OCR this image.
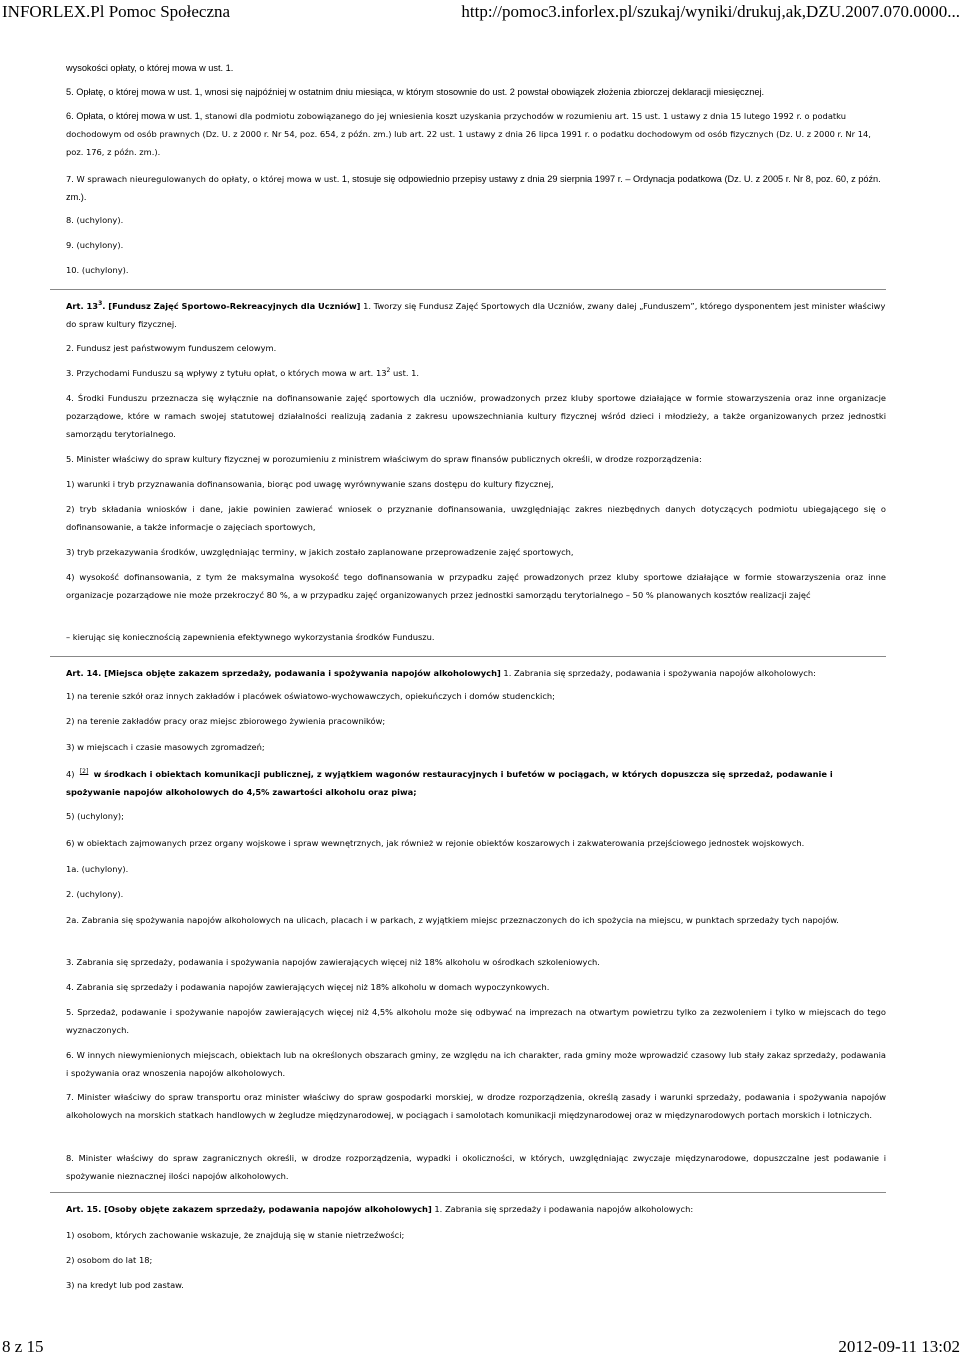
INFORLEX.Pl Pomoc Społeczna	http://pomoc3.inforlex.pl/szukaj/wyniki/drukuj,ak,DZU.2007.070.0000...

wysokości opłaty, o której mowa w ust. 1.

5. Opłatę, o której mowa w ust. 1, wnosi się najpóźniej w ostatnim dniu miesiąca, w którym stosownie do ust. 2 powstał obowiązek złożenia zbiorczej deklaracji miesięcznej.

6. Opłata, o której mowa w ust. 1, stanowi dla podmiotu zobowiązanego do jej wniesienia koszt uzyskania przychodów w rozumieniu art. 15 ust. 1 ustawy z dnia 15 lutego 1992 r. o podatku dochodowym od osób prawnych (Dz. U. z 2000 r. Nr 54, poz. 654, z późn. zm.) lub art. 22 ust. 1 ustawy z dnia 26 lipca 1991 r. o podatku dochodowym od osób fizycznych (Dz. U. z 2000 r. Nr 14, poz. 176, z późn. zm.).

7. W sprawach nieuregulowanych do opłaty, o której mowa w ust. 1, stosuje się odpowiednio przepisy ustawy z dnia 29 sierpnia 1997 r. – Ordynacja podatkowa (Dz. U. z 2005 r. Nr 8, poz. 60, z późn. zm.).

8. (uchylony).

9. (uchylony).

10. (uchylony).

Art. $13^3$. [Fundusz Zajęć Sportowo-Rekreacyjnych dla Uczniów] 1. Tworzy się Fundusz Zajęć Sportowych dla Uczniów, zwany dalej „Funduszem”, którego dysponentem jest minister właściwy do spraw kultury fizycznej.

2. Fundusz jest państwowym funduszem celowym.

3. Przychodami Funduszu są wpływy z tytułu opłat, o których mowa w art. $13^2$ ust. 1.

4. Środki Funduszu przeznacza się wyłącznie na dofinansowanie zajęć sportowych dla uczniów, prowadzonych przez kluby sportowe działające w formie stowarzyszenia oraz inne organizacje pozarządowe, które w ramach swojej statutowej działalności realizują zadania z zakresu upowszechniania kultury fizycznej wśród dzieci i młodzieży, a także organizowanych przez jednostki samorządu terytorialnego.

5. Minister właściwy do spraw kultury fizycznej w porozumieniu z ministrem właściwym do spraw finansów publicznych określi, w drodze rozporządzenia:

1) warunki i tryb przyznawania dofinansowania, biorąc pod uwagę wyrównywanie szans dostępu do kultury fizycznej,

2) tryb składania wniosków i dane, jakie powinien zawierać wniosek o przyznanie dofinansowania, uwzględniając zakres niezbędnych danych dotyczących podmiotu ubiegającego się o dofinansowanie, a także informacje o zajęciach sportowych,

3) tryb przekazywania środków, uwzględniając terminy, w jakich zostało zaplanowane przeprowadzenie zajęć sportowych,

4) wysokość dofinansowania, z tym że maksymalna wysokość tego dofinansowania w przypadku zajęć prowadzonych przez kluby sportowe działające w formie stowarzyszenia oraz inne organizacje pozarządowe nie może przekroczyć 80 %, a w przypadku zajęć organizowanych przez jednostki samorządu terytorialnego – 50 % planowanych kosztów realizacji zajęć

– kierując się koniecznością zapewnienia efektywnego wykorzystania środków Funduszu.

Art. 14. [Miejsca objęte zakazem sprzedaży, podawania i spożywania napojów alkoholowych] 1. Zabrania się sprzedaży, podawania i spożywania napojów alkoholowych:

1) na terenie szkół oraz innych zakładów i placówek oświatowo-wychowawczych, opiekuńczych i domów studenckich;

2) na terenie zakładów pracy oraz miejsc zbiorowego żywienia pracowników;

3) w miejscach i czasie masowych zgromadzeń;

4) [2] w środkach i obiektach komunikacji publicznej, z wyjątkiem wagonów restauracyjnych i bufetów w pociągach, w których dopuszcza się sprzedaż, podawanie i spożywanie napojów alkoholowych do 4,5% zawartości alkoholu oraz piwa;

5) (uchylony);

6) w obiektach zajmowanych przez organy wojskowe i spraw wewnętrznych, jak również w rejonie obiektów koszarowych i zakwaterowania przejściowego jednostek wojskowych.

1a. (uchylony).

2. (uchylony).

2a. Zabrania się spożywania napojów alkoholowych na ulicach, placach i w parkach, z wyjątkiem miejsc przeznaczonych do ich spożycia na miejscu, w punktach sprzedaży tych napojów.

3. Zabrania się sprzedaży, podawania i spożywania napojów zawierających więcej niż 18% alkoholu w ośrodkach szkoleniowych.

4. Zabrania się sprzedaży i podawania napojów zawierających więcej niż 18% alkoholu w domach wypoczynkowych.

5. Sprzedaż, podawanie i spożywanie napojów zawierających więcej niż 4,5% alkoholu może się odbywać na imprezach na otwartym powietrzu tylko za zezwoleniem i tylko w miejscach do tego wyznaczonych.

6. W innych niewymienionych miejscach, obiektach lub na określonych obszarach gminy, ze względu na ich charakter, rada gminy może wprowadzić czasowy lub stały zakaz sprzedaży, podawania i spożywania oraz wnoszenia napojów alkoholowych.

7. Minister właściwy do spraw transportu oraz minister właściwy do spraw gospodarki morskiej, w drodze rozporządzenia, określą zasady i warunki sprzedaży, podawania i spożywania napojów alkoholowych na morskich statkach handlowych w żegludze międzynarodowej, w pociągach i samolotach komunikacji międzynarodowej oraz w międzynarodowych portach morskich i lotniczych.

8. Minister właściwy do spraw zagranicznych określi, w drodze rozporządzenia, wypadki i okoliczności, w których, uwzględniając zwyczaje międzynarodowe, dopuszczalne jest podawanie i spożywanie nieznacznej ilości napojów alkoholowych.

Art. 15. [Osoby objęte zakazem sprzedaży, podawania napojów alkoholowych] 1. Zabrania się sprzedaży i podawania napojów alkoholowych:

1) osobom, których zachowanie wskazuje, że znajdują się w stanie nietrzeźwości;

2) osobom do lat 18;

3) na kredyt lub pod zastaw.

8 z 15	2012-09-11 13:02
